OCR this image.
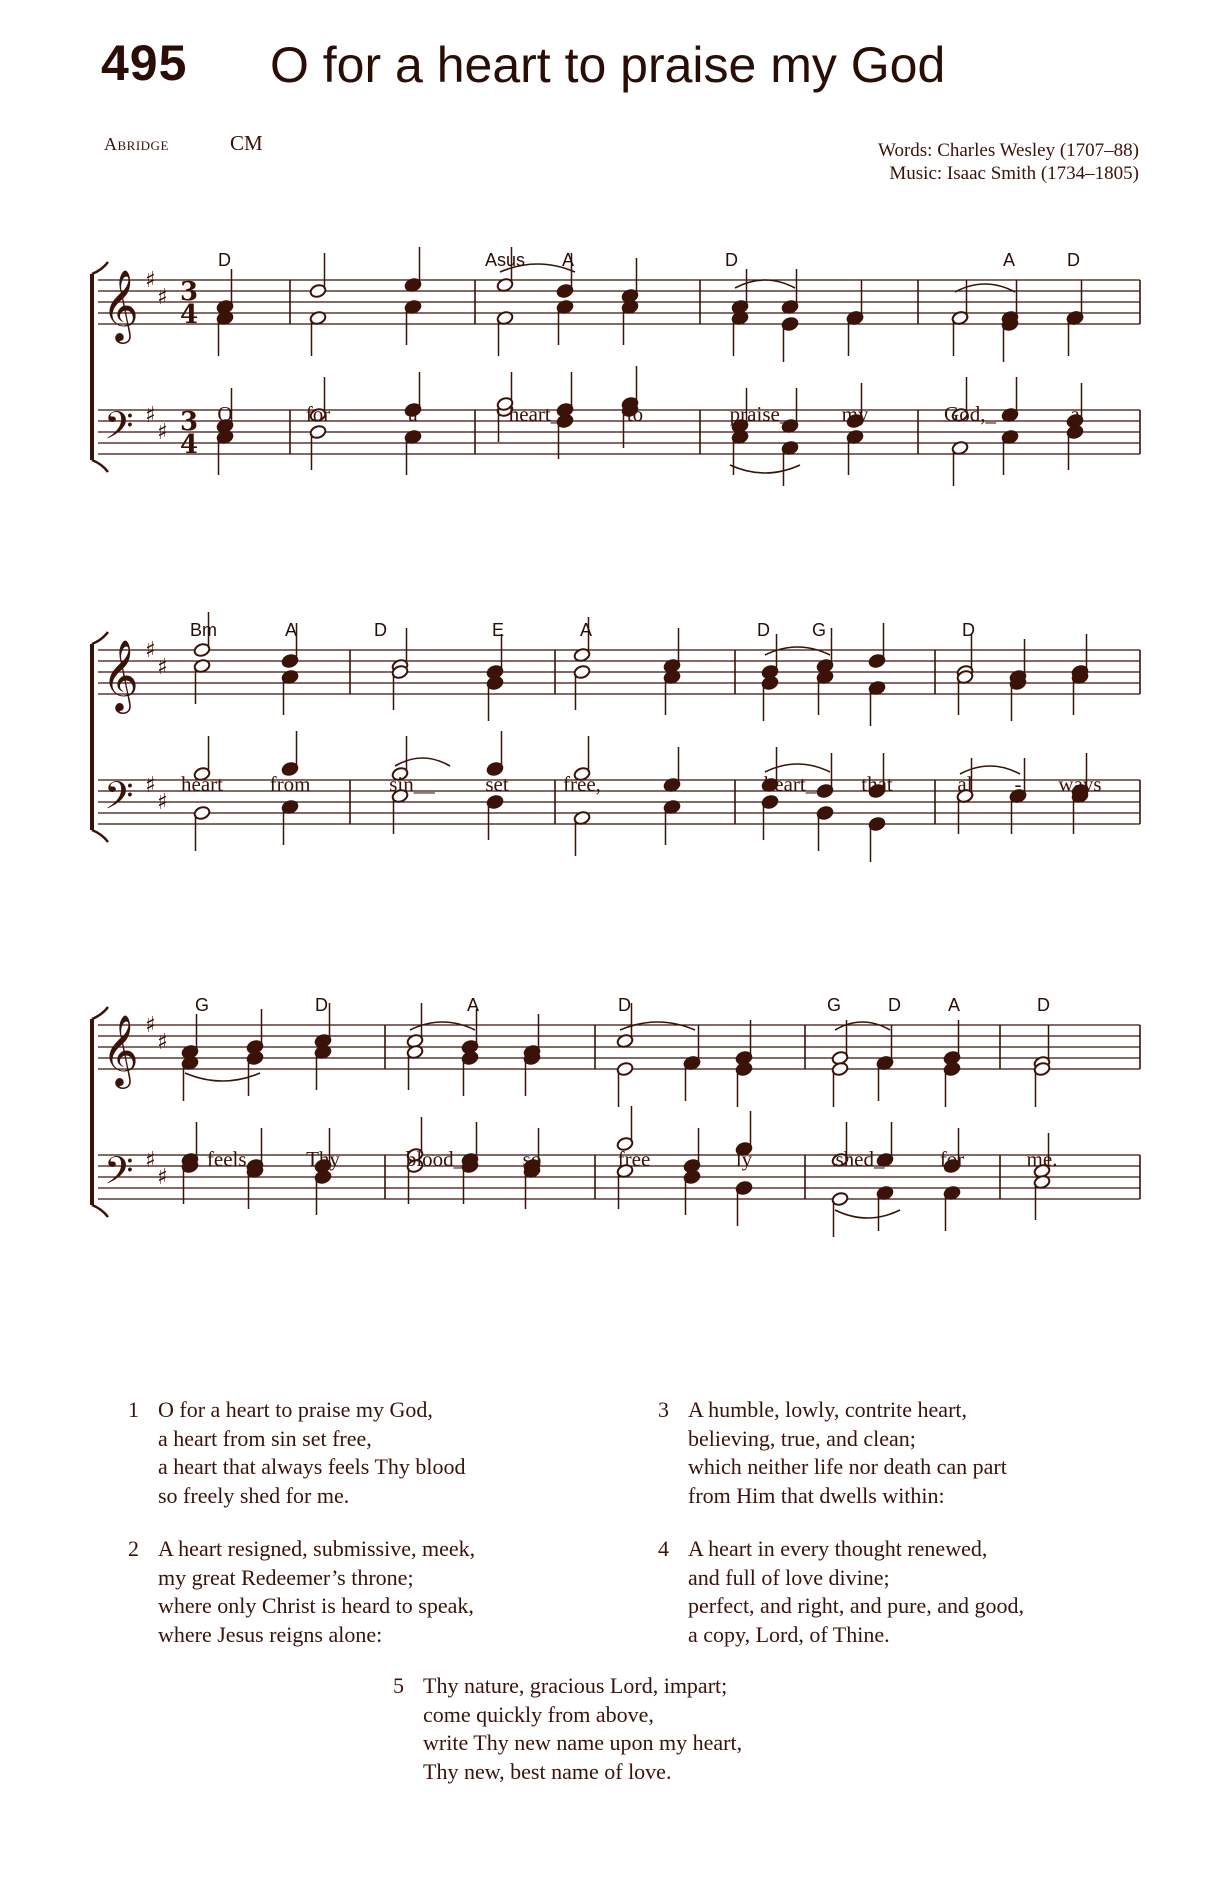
495 O for a heart to praise my God
Abridge	CM	Words: Charles Wesley (1707–88)
Music: Isaac Smith (1734–1805)
𝄞
𝄢
♯
♯
♯
♯
3
4
3
4
D	Asus A	D	A	D
O	for	a	heart_	to	praise_ my	God,_	a
𝄞
𝄢
♯
♯
♯
♯
Bm	A	D	E	A	D G	D
heart from	sin__ set	free,	a	heart_ that	al - ways
𝄞
𝄢
♯
♯
♯
♯
G	D	A	D	G	D	A	D
feels_ Thy	blood_	so	free - ly	shed_	for	me.
1 O for a heart to praise my God,
a heart from sin set free,
a heart that always feels Thy blood
so freely shed for me.
2 A heart resigned, submissive, meek,
my great Redeemer’s throne;
where only Christ is heard to speak,
where Jesus reigns alone:
3 A humble, lowly, contrite heart,
believing, true, and clean;
which neither life nor death can part
from Him that dwells within:
4 A heart in every thought renewed,
and full of love divine;
perfect, and right, and pure, and good,
a copy, Lord, of Thine.
5 Thy nature, gracious Lord, impart;
come quickly from above,
write Thy new name upon my heart,
Thy new, best name of love.
